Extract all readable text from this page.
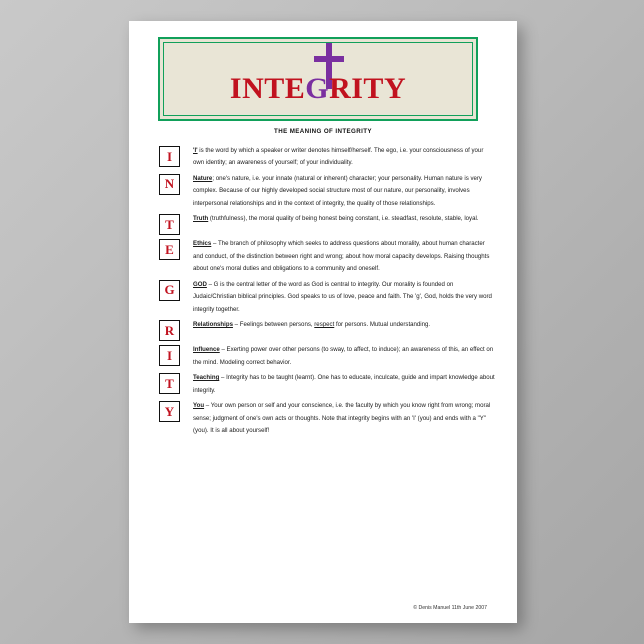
INTEGRITY
THE MEANING OF INTEGRITY
I	'I' is the word by which a speaker or writer denotes himself/herself. The ego, i.e. your consciousness of your own identity; an awareness of yourself; of your individuality.
N	Nature; one's nature, i.e. your innate (natural or inherent) character; your personality. Human nature is very complex. Because of our highly developed social structure most of our nature, our personality, involves interpersonal relationships and in the context of integrity, the quality of those relationships.
T	Truth (truthfulness), the moral quality of being honest being constant, i.e. steadfast, resolute, stable, loyal.
E	Ethics – The branch of philosophy which seeks to address questions about morality, about human character and conduct, of the distinction between right and wrong; about how moral capacity develops. Raising thoughts about one's moral duties and obligations to a community and oneself.
G	GOD – G is the central letter of the word as God is central to integrity. Our morality is founded on Judaic/Christian biblical principles. God speaks to us of love, peace and faith. The 'g', God, holds the very word integrity together.
R	Relationships – Feelings between persons, respect for persons. Mutual understanding.
I	Influence – Exerting power over other persons (to sway, to affect, to induce); an awareness of this, an effect on the mind. Modeling correct behavior.
T	Teaching – Integrity has to be taught (learnt). One has to educate, inculcate, guide and impart knowledge about integrity.
Y	You – Your own person or self and your conscience, i.e. the faculty by which you know right from wrong; moral sense; judgment of one's own acts or thoughts. Note that integrity begins with an 'I' (you) and ends with a "Y" (you). It is all about yourself!
© Denis Manuel 11th June 2007
